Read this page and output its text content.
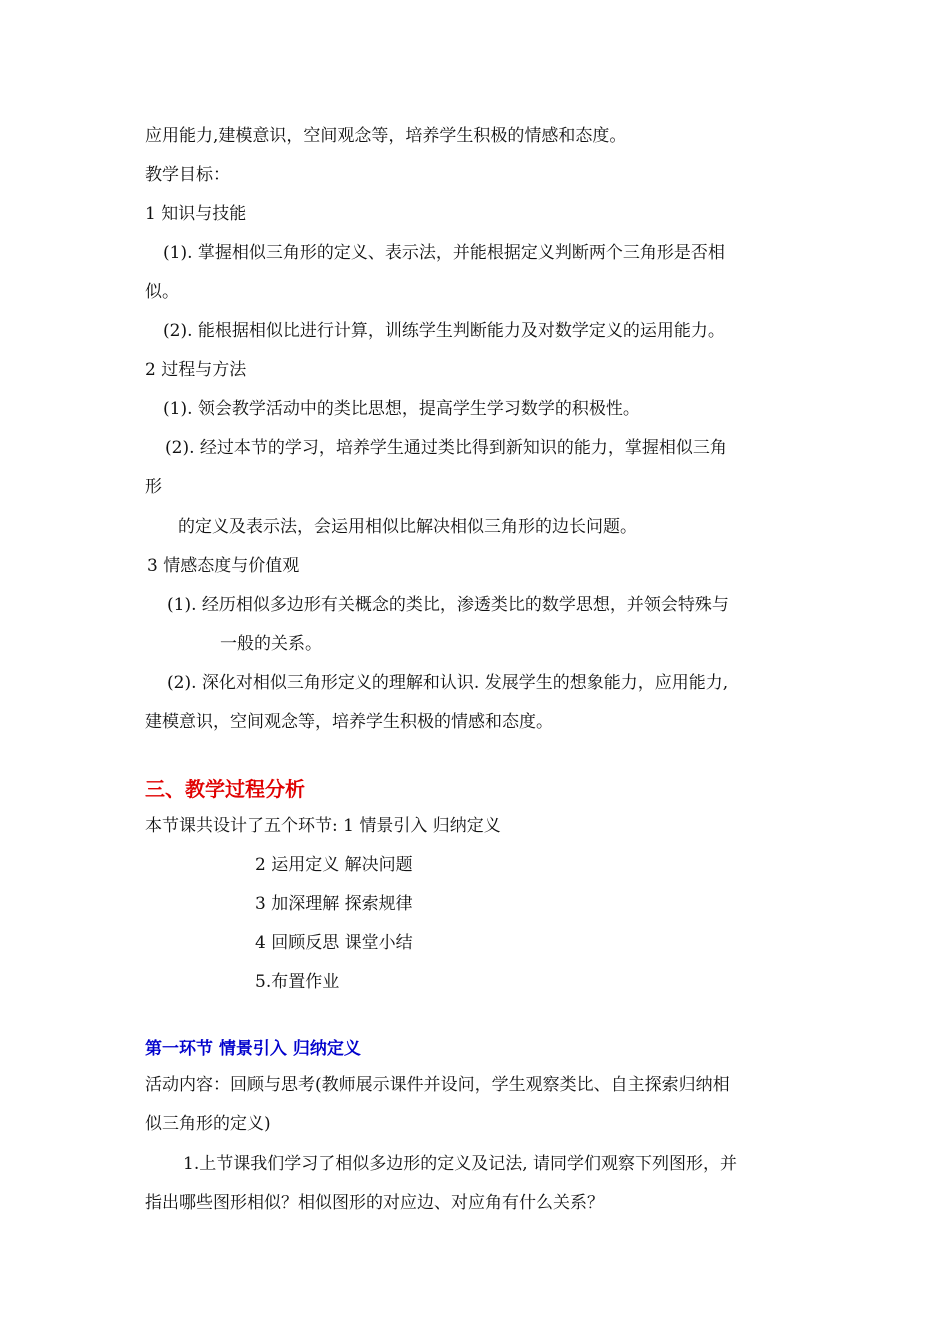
应用能力,建模意识，空间观念等，培养学生积极的情感和态度。
教学目标：
1 知识与技能
(1). 掌握相似三角形的定义、表示法，并能根据定义判断两个三角形是否相
似。
(2). 能根据相似比进行计算，训练学生判断能力及对数学定义的运用能力。
2 过程与方法
(1). 领会教学活动中的类比思想，提高学生学习数学的积极性。
(2). 经过本节的学习，培养学生通过类比得到新知识的能力，掌握相似三角
形
的定义及表示法，会运用相似比解决相似三角形的边长问题。
3 情感态度与价值观
(1). 经历相似多边形有关概念的类比，渗透类比的数学思想，并领会特殊与
一般的关系。
(2). 深化对相似三角形定义的理解和认识. 发展学生的想象能力，应用能力,
建模意识，空间观念等，培养学生积极的情感和态度。
三、教学过程分析
本节课共设计了五个环节: 1 情景引入 归纳定义
2 运用定义 解决问题
3 加深理解 探索规律
4 回顾反思 课堂小结
5.布置作业
第一环节 情景引入 归纳定义
活动内容：回顾与思考(教师展示课件并设问，学生观察类比、自主探索归纳相
似三角形的定义)
1.上节课我们学习了相似多边形的定义及记法, 请同学们观察下列图形，并
指出哪些图形相似？相似图形的对应边、对应角有什么关系？
